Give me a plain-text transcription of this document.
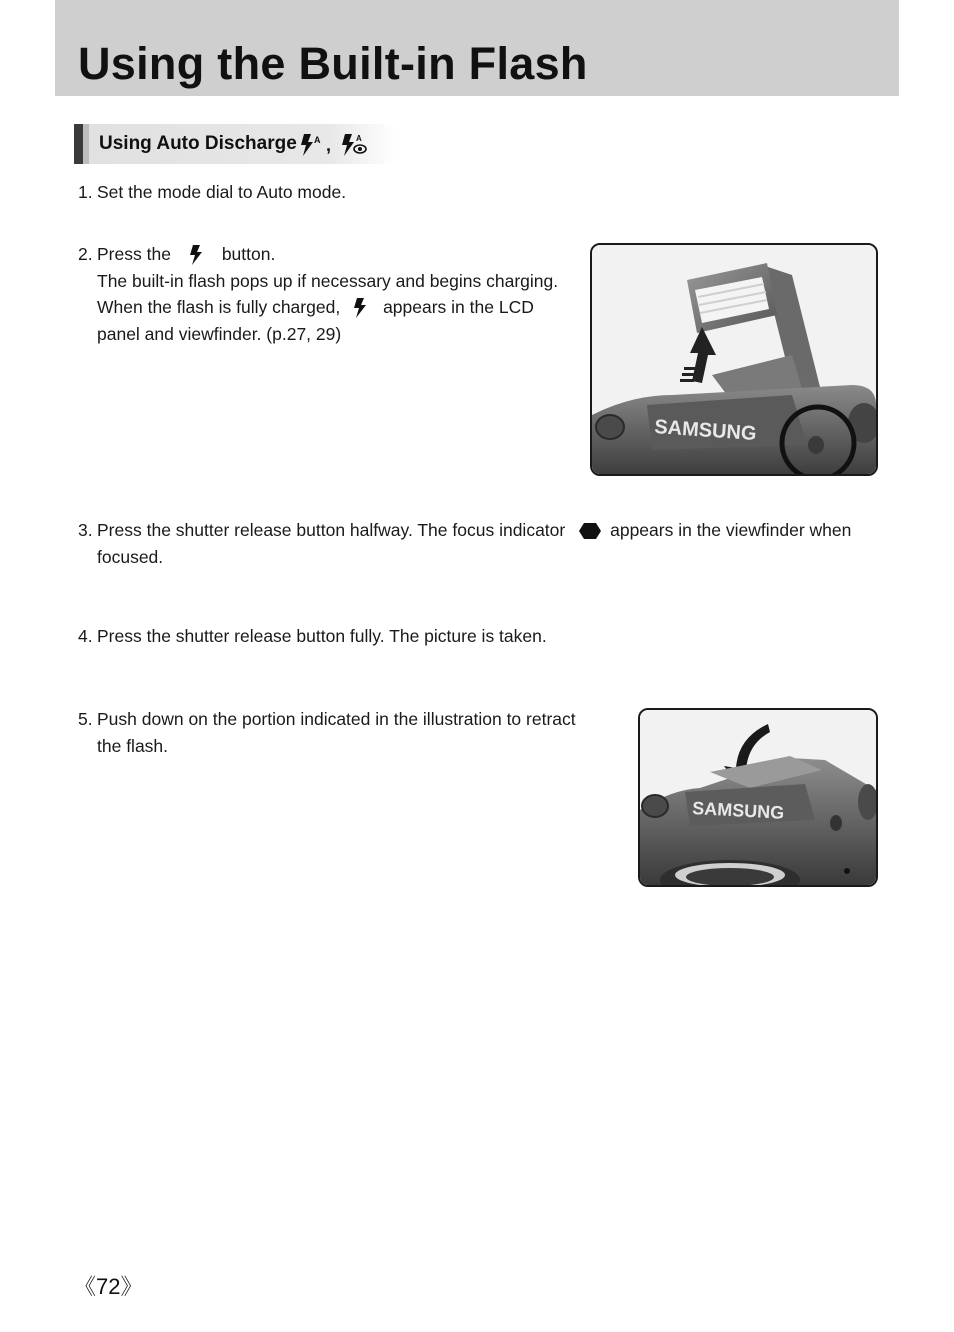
Using the Built-in Flash
Using Auto Discharge A ,	A
1. Set the mode dial to Auto mode.
2. Press the	button.
The built-in flash pops up if necessary and begins charging.
When the flash is fully charged, appears in the LCD
panel and viewfinder. (p.27, 29)
SAMSUNG
3. Press the shutter release button halfway. The focus indicator	appears in the viewfinder when
focused.
4. Press the shutter release button fully. The picture is taken.
5. Push down on the portion indicated in the illustration to retract
the flash.
SAMSUNG
《72》
